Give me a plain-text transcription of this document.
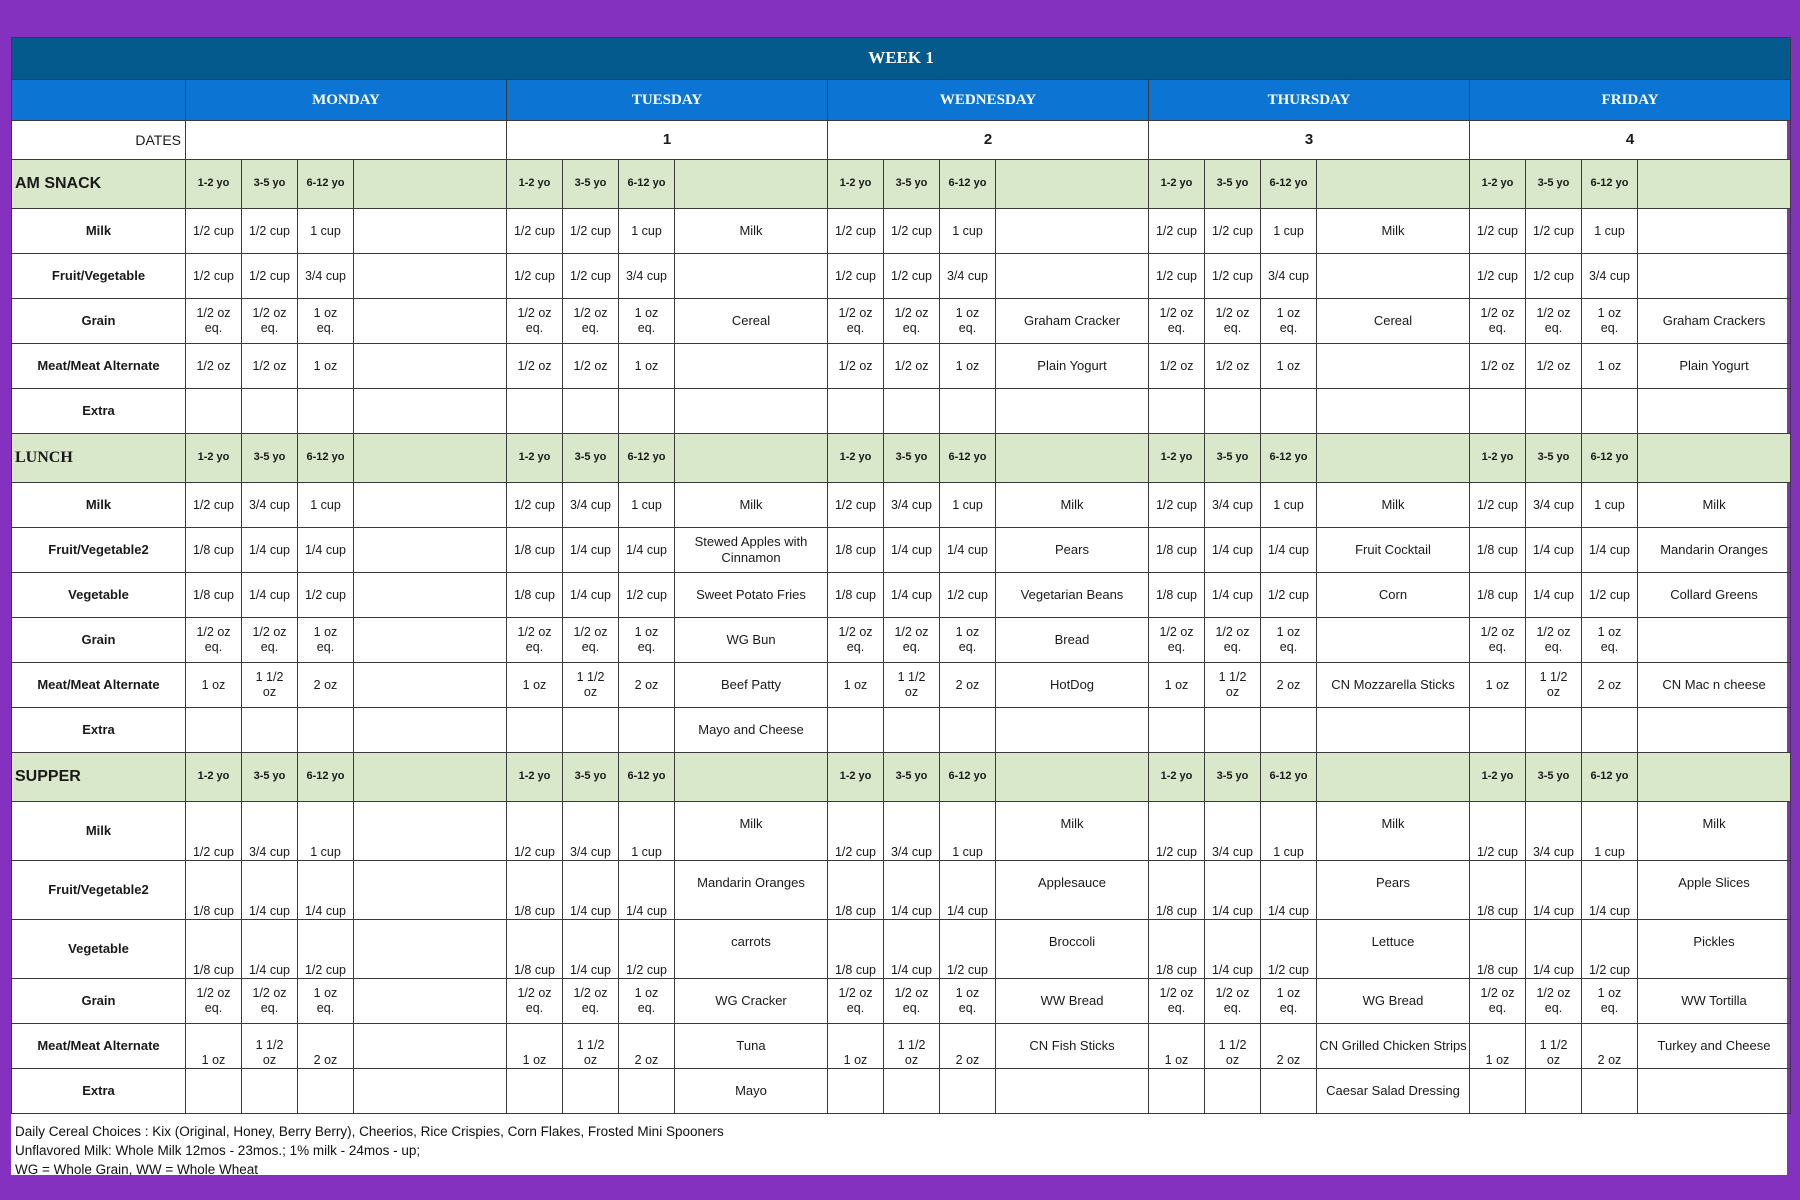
WEEK 1																				
	MONDAY				TUESDAY				WEDNESDAY				THURSDAY				FRIDAY			
DATES					1				2				3				4			
AM SNACK	1-2 yo	3-5 yo	6-12 yo		1-2 yo	3-5 yo	6-12 yo		1-2 yo	3-5 yo	6-12 yo		1-2 yo	3-5 yo	6-12 yo		1-2 yo	3-5 yo	6-12 yo	
Milk	1/2 cup	1/2 cup	1 cup		1/2 cup	1/2 cup	1 cup	Milk	1/2 cup	1/2 cup	1 cup		1/2 cup	1/2 cup	1 cup	Milk	1/2 cup	1/2 cup	1 cup	
Fruit/Vegetable	1/2 cup	1/2 cup	3/4 cup		1/2 cup	1/2 cup	3/4 cup		1/2 cup	1/2 cup	3/4 cup		1/2 cup	1/2 cup	3/4 cup		1/2 cup	1/2 cup	3/4 cup	
Grain	1/2 oz eq.	1/2 oz eq.	1 oz eq.		1/2 oz eq.	1/2 oz eq.	1 oz eq.	Cereal	1/2 oz eq.	1/2 oz eq.	1 oz eq.	Graham Cracker	1/2 oz eq.	1/2 oz eq.	1 oz eq.	Cereal	1/2 oz eq.	1/2 oz eq.	1 oz eq.	Graham Crackers
Meat/Meat Alternate	1/2 oz	1/2 oz	1 oz		1/2 oz	1/2 oz	1 oz		1/2 oz	1/2 oz	1 oz	Plain Yogurt	1/2 oz	1/2 oz	1 oz		1/2 oz	1/2 oz	1 oz	Plain Yogurt
Extra																				
LUNCH	1-2 yo	3-5 yo	6-12 yo		1-2 yo	3-5 yo	6-12 yo		1-2 yo	3-5 yo	6-12 yo		1-2 yo	3-5 yo	6-12 yo		1-2 yo	3-5 yo	6-12 yo	
Milk	1/2 cup	3/4 cup	1 cup		1/2 cup	3/4 cup	1 cup	Milk	1/2 cup	3/4 cup	1 cup	Milk	1/2 cup	3/4 cup	1 cup	Milk	1/2 cup	3/4 cup	1 cup	Milk
Fruit/Vegetable2	1/8 cup	1/4 cup	1/4 cup		1/8 cup	1/4 cup	1/4 cup	Stewed Apples with Cinnamon	1/8 cup	1/4 cup	1/4 cup	Pears	1/8 cup	1/4 cup	1/4 cup	Fruit Cocktail	1/8 cup	1/4 cup	1/4 cup	Mandarin Oranges
Vegetable	1/8 cup	1/4 cup	1/2 cup		1/8 cup	1/4 cup	1/2 cup	Sweet Potato Fries	1/8 cup	1/4 cup	1/2 cup	Vegetarian Beans	1/8 cup	1/4 cup	1/2 cup	Corn	1/8 cup	1/4 cup	1/2 cup	Collard Greens
Grain	1/2 oz eq.	1/2 oz eq.	1 oz eq.		1/2 oz eq.	1/2 oz eq.	1 oz eq.	WG Bun	1/2 oz eq.	1/2 oz eq.	1 oz eq.	Bread	1/2 oz eq.	1/2 oz eq.	1 oz eq.		1/2 oz eq.	1/2 oz eq.	1 oz eq.	
Meat/Meat Alternate	1 oz	1 1/2 oz	2 oz		1 oz	1 1/2 oz	2 oz	Beef Patty	1 oz	1 1/2 oz	2 oz	HotDog	1 oz	1 1/2 oz	2 oz	CN Mozzarella Sticks	1 oz	1 1/2 oz	2 oz	CN Mac n cheese
Extra								Mayo and Cheese												
SUPPER	1-2 yo	3-5 yo	6-12 yo		1-2 yo	3-5 yo	6-12 yo		1-2 yo	3-5 yo	6-12 yo		1-2 yo	3-5 yo	6-12 yo		1-2 yo	3-5 yo	6-12 yo	
Milk	1/2 cup	3/4 cup	1 cup		1/2 cup	3/4 cup	1 cup	Milk	1/2 cup	3/4 cup	1 cup	Milk	1/2 cup	3/4 cup	1 cup	Milk	1/2 cup	3/4 cup	1 cup	Milk
Fruit/Vegetable2	1/8 cup	1/4 cup	1/4 cup		1/8 cup	1/4 cup	1/4 cup	Mandarin Oranges	1/8 cup	1/4 cup	1/4 cup	Applesauce	1/8 cup	1/4 cup	1/4 cup	Pears	1/8 cup	1/4 cup	1/4 cup	Apple Slices
Vegetable	1/8 cup	1/4 cup	1/2 cup		1/8 cup	1/4 cup	1/2 cup	carrots	1/8 cup	1/4 cup	1/2 cup	Broccoli	1/8 cup	1/4 cup	1/2 cup	Lettuce	1/8 cup	1/4 cup	1/2 cup	Pickles
Grain	1/2 oz eq.	1/2 oz eq.	1 oz eq.		1/2 oz eq.	1/2 oz eq.	1 oz eq.	WG Cracker	1/2 oz eq.	1/2 oz eq.	1 oz eq.	WW Bread	1/2 oz eq.	1/2 oz eq.	1 oz eq.	WG Bread	1/2 oz eq.	1/2 oz eq.	1 oz eq.	WW Tortilla
Meat/Meat Alternate	1 oz	1 1/2 oz	2 oz		1 oz	1 1/2 oz	2 oz	Tuna	1 oz	1 1/2 oz	2 oz	CN Fish Sticks	1 oz	1 1/2 oz	2 oz	CN Grilled Chicken Strips	1 oz	1 1/2 oz	2 oz	Turkey and Cheese
Extra								Mayo								Caesar Salad Dressing				
Daily Cereal Choices : Kix (Original, Honey, Berry Berry), Cheerios, Rice Crispies, Corn Flakes, Frosted Mini Spooners
Unflavored Milk: Whole Milk 12mos - 23mos.; 1% milk - 24mos - up;
WG = Whole Grain, WW = Whole Wheat
